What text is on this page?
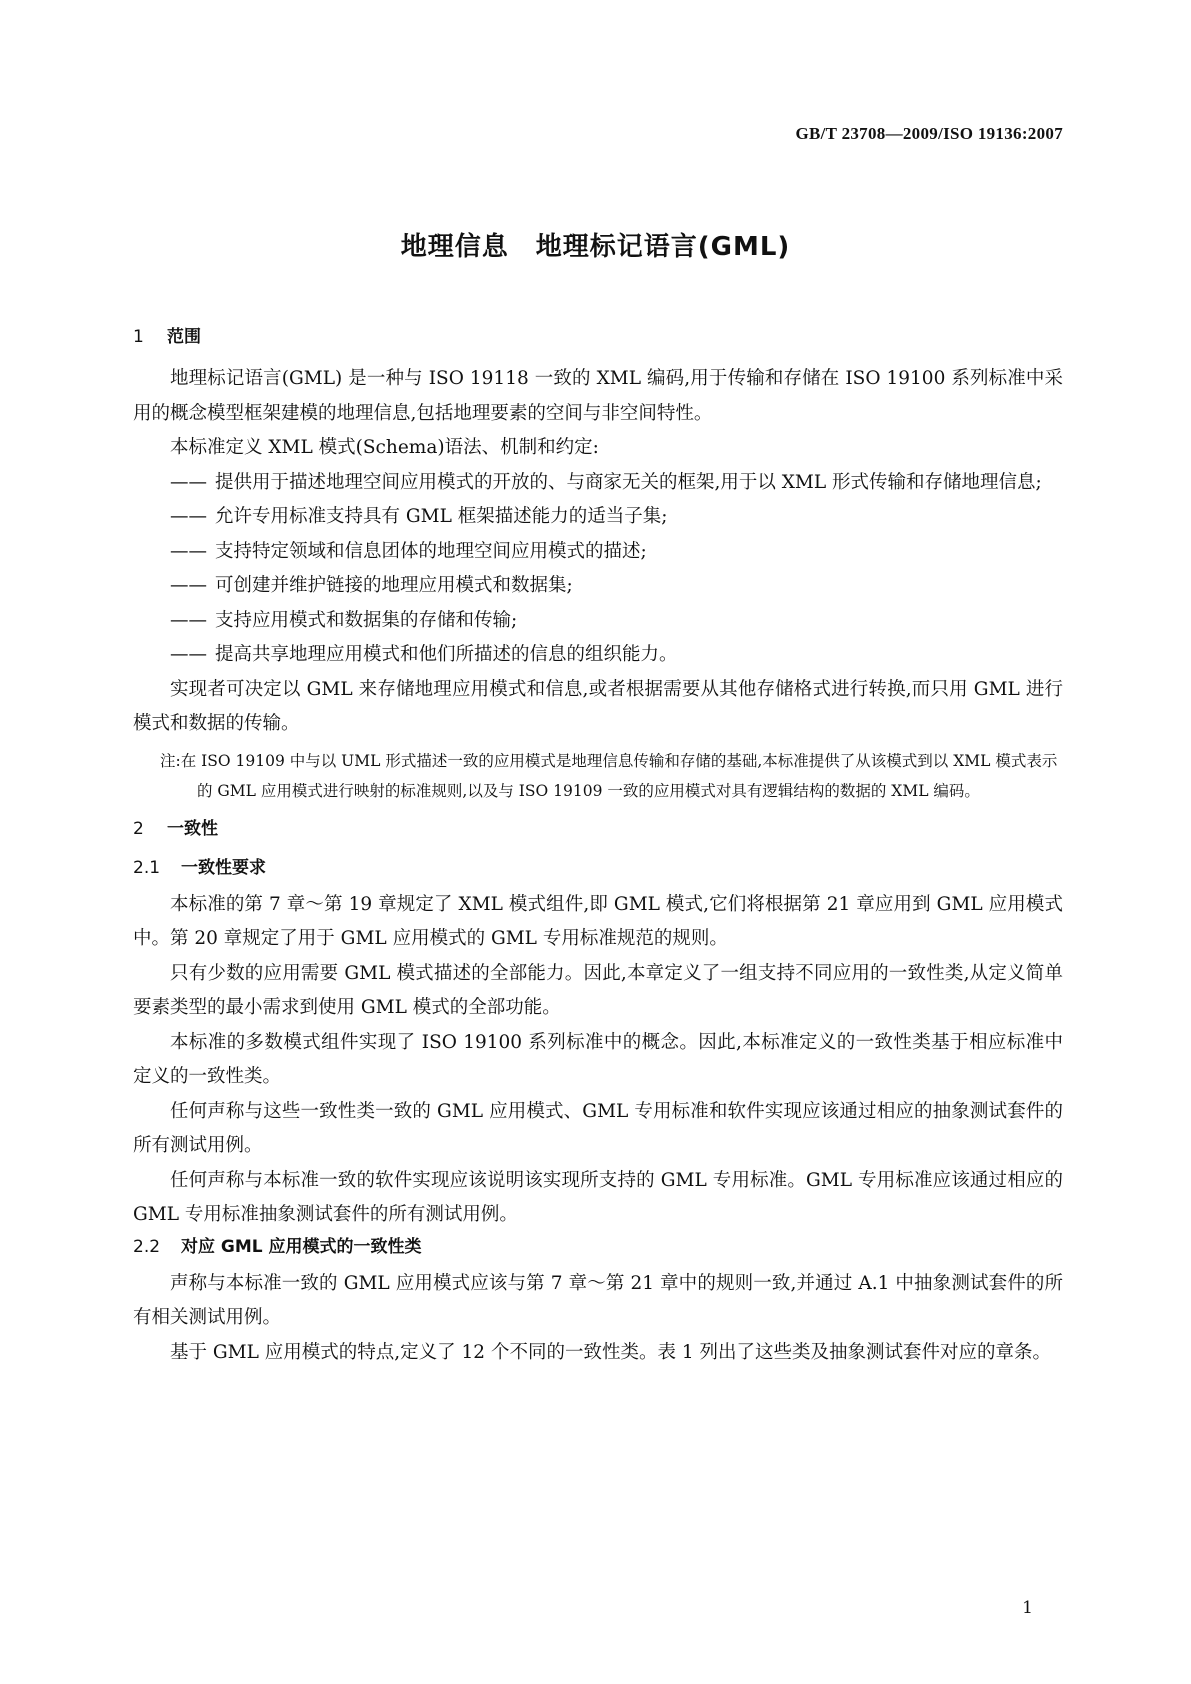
GB/T 23708—2009/ISO 19136:2007
地理信息　地理标记语言(GML)
1 范围

地理标记语言(GML) 是一种与 ISO 19118 一致的 XML 编码,用于传输和存储在 ISO 19100 系列标准中采用的概念模型框架建模的地理信息,包括地理要素的空间与非空间特性。

本标准定义 XML 模式(Schema)语法、机制和约定:

—— 提供用于描述地理空间应用模式的开放的、与商家无关的框架,用于以 XML 形式传输和存储地理信息;

—— 允许专用标准支持具有 GML 框架描述能力的适当子集;

—— 支持特定领域和信息团体的地理空间应用模式的描述;

—— 可创建并维护链接的地理应用模式和数据集;

—— 支持应用模式和数据集的存储和传输;

—— 提高共享地理应用模式和他们所描述的信息的组织能力。

实现者可决定以 GML 来存储地理应用模式和信息,或者根据需要从其他存储格式进行转换,而只用 GML 进行模式和数据的传输。

注:在 ISO 19109 中与以 UML 形式描述一致的应用模式是地理信息传输和存储的基础,本标准提供了从该模式到以 XML 模式表示的 GML 应用模式进行映射的标准规则,以及与 ISO 19109 一致的应用模式对具有逻辑结构的数据的 XML 编码。

2 一致性
2.1 一致性要求

本标准的第 7 章～第 19 章规定了 XML 模式组件,即 GML 模式,它们将根据第 21 章应用到 GML 应用模式中。第 20 章规定了用于 GML 应用模式的 GML 专用标准规范的规则。

只有少数的应用需要 GML 模式描述的全部能力。因此,本章定义了一组支持不同应用的一致性类,从定义简单要素类型的最小需求到使用 GML 模式的全部功能。

本标准的多数模式组件实现了 ISO 19100 系列标准中的概念。因此,本标准定义的一致性类基于相应标准中定义的一致性类。

任何声称与这些一致性类一致的 GML 应用模式、GML 专用标准和软件实现应该通过相应的抽象测试套件的所有测试用例。

任何声称与本标准一致的软件实现应该说明该实现所支持的 GML 专用标准。GML 专用标准应该通过相应的 GML 专用标准抽象测试套件的所有测试用例。

2.2 对应 GML 应用模式的一致性类

声称与本标准一致的 GML 应用模式应该与第 7 章～第 21 章中的规则一致,并通过 A.1 中抽象测试套件的所有相关测试用例。

基于 GML 应用模式的特点,定义了 12 个不同的一致性类。表 1 列出了这些类及抽象测试套件对应的章条。

1
